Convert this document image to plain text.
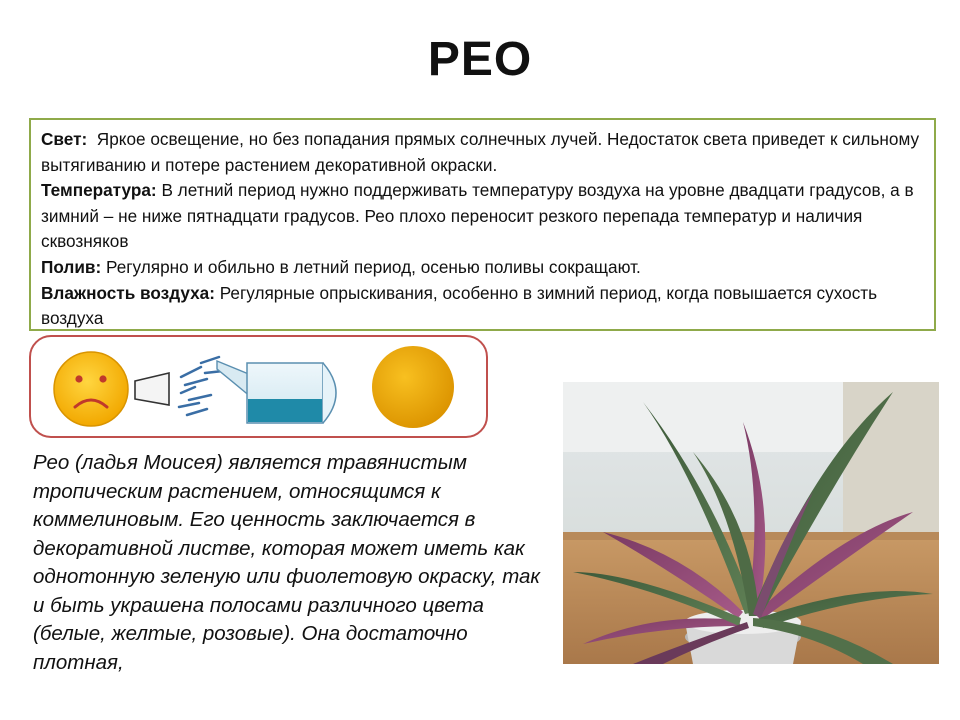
РЕО

Свет: Яркое освещение, но без попадания прямых солнечных лучей. Недостаток света приведет к сильному вытягиванию и потере растением декоративной окраски.

Температура: В летний период нужно поддерживать температуру воздуха на уровне двадцати градусов, а в зимний – не ниже пятнадцати градусов. Рео плохо переносит резкого перепада температур и наличия сквозняков

Полив: Регулярно и обильно в летний период, осенью поливы сокращают.

Влажность воздуха: Регулярные опрыскивания, особенно в зимний период, когда повышается сухость воздуха

Рео (ладья Моисея) является травянистым тропическим растением, относящимся к коммелиновым. Его ценность заключается в декоративной листве, которая может иметь как однотонную зеленую или фиолетовую окраску, так и быть украшена полосами различного цвета (белые, желтые, розовые). Она достаточно плотная,
